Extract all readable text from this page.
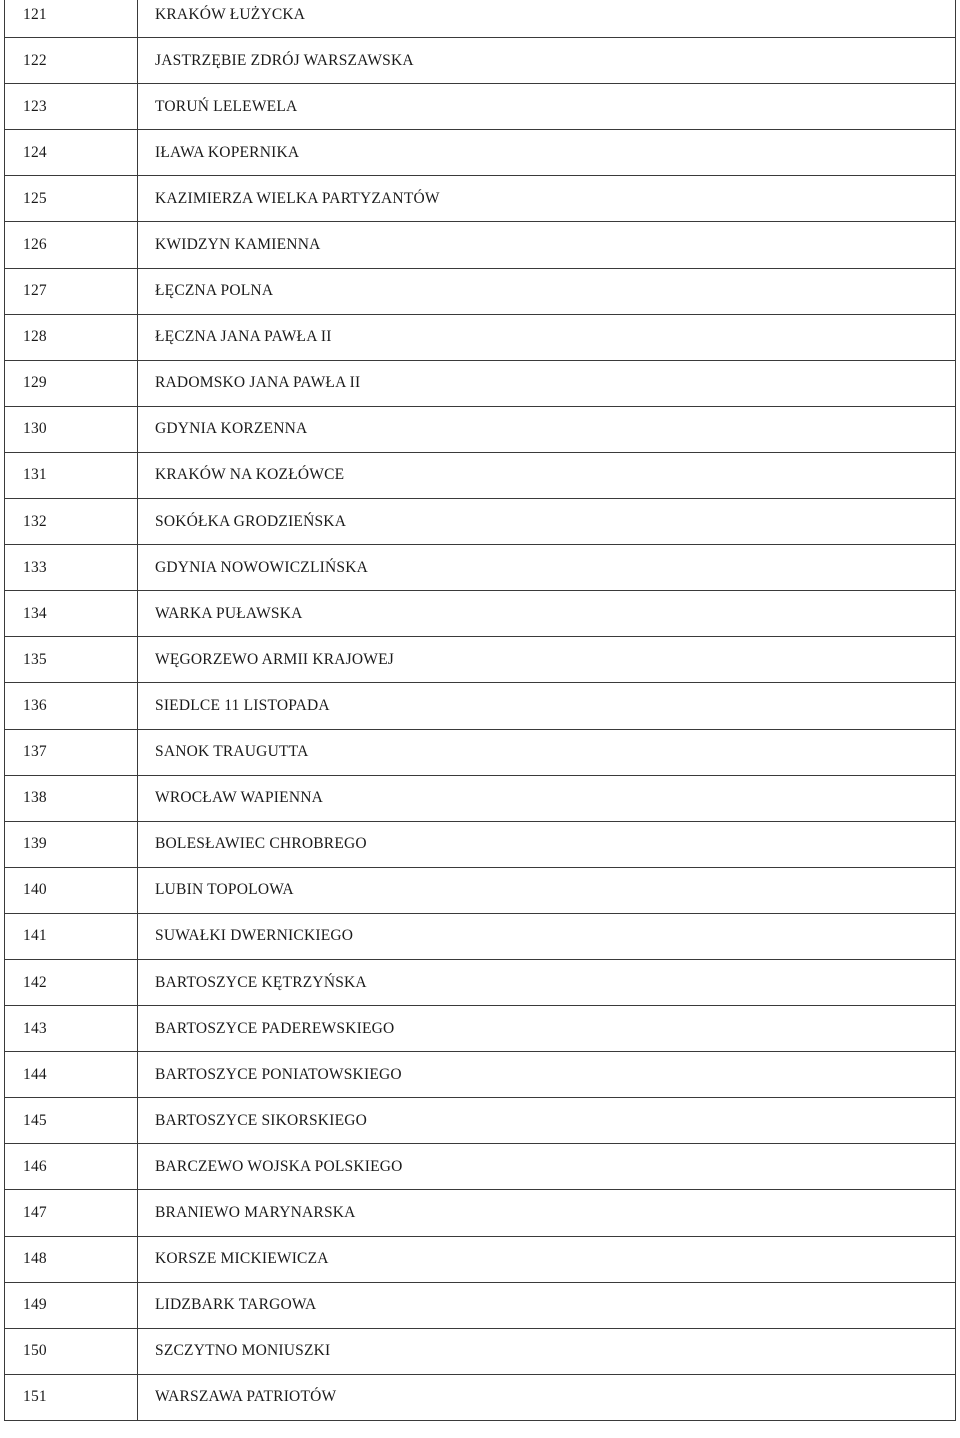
121	KRAKÓW ŁUŻYCKA
122	JASTRZĘBIE ZDRÓJ WARSZAWSKA
123	TORUŃ LELEWELA
124	IŁAWA KOPERNIKA
125	KAZIMIERZA WIELKA PARTYZANTÓW
126	KWIDZYN KAMIENNA
127	ŁĘCZNA POLNA
128	ŁĘCZNA JANA PAWŁA II
129	RADOMSKO JANA PAWŁA II
130	GDYNIA KORZENNA
131	KRAKÓW NA KOZŁÓWCE
132	SOKÓŁKA GRODZIEŃSKA
133	GDYNIA NOWOWICZLIŃSKA
134	WARKA PUŁAWSKA
135	WĘGORZEWO ARMII KRAJOWEJ
136	SIEDLCE 11 LISTOPADA
137	SANOK TRAUGUTTA
138	WROCŁAW WAPIENNA
139	BOLESŁAWIEC CHROBREGO
140	LUBIN TOPOLOWA
141	SUWAŁKI DWERNICKIEGO
142	BARTOSZYCE KĘTRZYŃSKA
143	BARTOSZYCE PADEREWSKIEGO
144	BARTOSZYCE PONIATOWSKIEGO
145	BARTOSZYCE SIKORSKIEGO
146	BARCZEWO WOJSKA POLSKIEGO
147	BRANIEWO MARYNARSKA
148	KORSZE MICKIEWICZA
149	LIDZBARK TARGOWA
150	SZCZYTNO MONIUSZKI
151	WARSZAWA PATRIOTÓW
